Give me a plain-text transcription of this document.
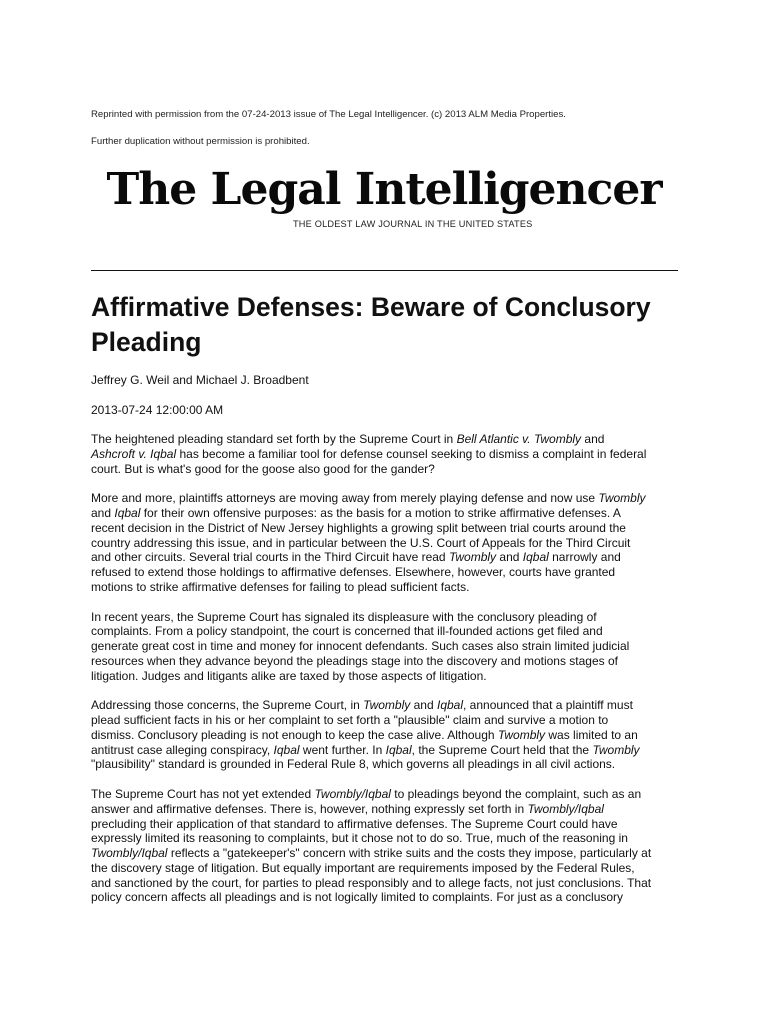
Reprinted with permission from the 07-24-2013 issue of The Legal Intelligencer. (c) 2013 ALM Media Properties.
Further duplication without permission is prohibited.
The Legal Intelligencer
THE OLDEST LAW JOURNAL IN THE UNITED STATES
Affirmative Defenses: Beware of Conclusory Pleading
Jeffrey G. Weil and Michael J. Broadbent
2013-07-24 12:00:00 AM

The heightened pleading standard set forth by the Supreme Court in Bell Atlantic v. Twombly and
Ashcroft v. Iqbal has become a familiar tool for defense counsel seeking to dismiss a complaint in federal
court. But is what's good for the goose also good for the gander?

More and more, plaintiffs attorneys are moving away from merely playing defense and now use Twombly
and Iqbal for their own offensive purposes: as the basis for a motion to strike affirmative defenses. A
recent decision in the District of New Jersey highlights a growing split between trial courts around the
country addressing this issue, and in particular between the U.S. Court of Appeals for the Third Circuit
and other circuits. Several trial courts in the Third Circuit have read Twombly and Iqbal narrowly and
refused to extend those holdings to affirmative defenses. Elsewhere, however, courts have granted
motions to strike affirmative defenses for failing to plead sufficient facts.

In recent years, the Supreme Court has signaled its displeasure with the conclusory pleading of
complaints. From a policy standpoint, the court is concerned that ill-founded actions get filed and
generate great cost in time and money for innocent defendants. Such cases also strain limited judicial
resources when they advance beyond the pleadings stage into the discovery and motions stages of
litigation. Judges and litigants alike are taxed by those aspects of litigation.

Addressing those concerns, the Supreme Court, in Twombly and Iqbal, announced that a plaintiff must
plead sufficient facts in his or her complaint to set forth a "plausible" claim and survive a motion to
dismiss. Conclusory pleading is not enough to keep the case alive. Although Twombly was limited to an
antitrust case alleging conspiracy, Iqbal went further. In Iqbal, the Supreme Court held that the Twombly
"plausibility" standard is grounded in Federal Rule 8, which governs all pleadings in all civil actions.

The Supreme Court has not yet extended Twombly/Iqbal to pleadings beyond the complaint, such as an
answer and affirmative defenses. There is, however, nothing expressly set forth in Twombly/Iqbal
precluding their application of that standard to affirmative defenses. The Supreme Court could have
expressly limited its reasoning to complaints, but it chose not to do so. True, much of the reasoning in
Twombly/Iqbal reflects a "gatekeeper's" concern with strike suits and the costs they impose, particularly at
the discovery stage of litigation. But equally important are requirements imposed by the Federal Rules,
and sanctioned by the court, for parties to plead responsibly and to allege facts, not just conclusions. That
policy concern affects all pleadings and is not logically limited to complaints. For just as a conclusory
